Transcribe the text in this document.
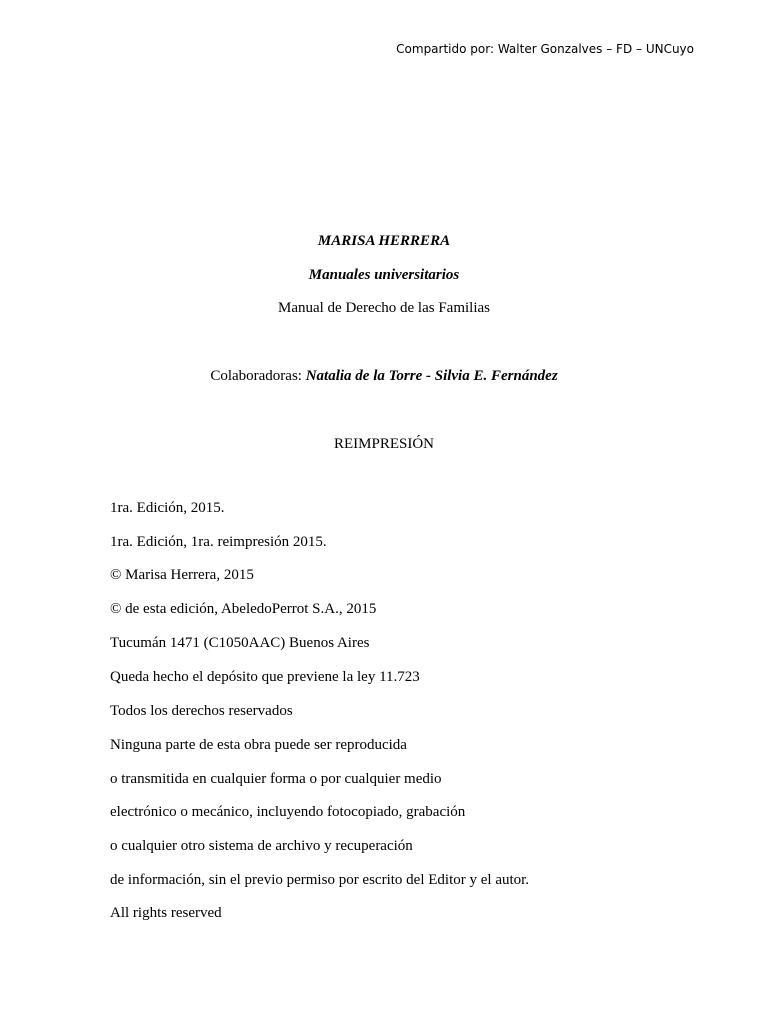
Compartido por: Walter Gonzalves – FD – UNCuyo
MARISA HERRERA
Manuales universitarios
Manual de Derecho de las Familias
Colaboradoras: Natalia de la Torre - Silvia E. Fernández
REIMPRESIÓN
1ra. Edición, 2015.
1ra. Edición, 1ra. reimpresión 2015.
© Marisa Herrera, 2015
© de esta edición, AbeledoPerrot S.A., 2015
Tucumán 1471 (C1050AAC) Buenos Aires
Queda hecho el depósito que previene la ley 11.723
Todos los derechos reservados
Ninguna parte de esta obra puede ser reproducida
o transmitida en cualquier forma o por cualquier medio
electrónico o mecánico, incluyendo fotocopiado, grabación
o cualquier otro sistema de archivo y recuperación
de información, sin el previo permiso por escrito del Editor y el autor.
All rights reserved
